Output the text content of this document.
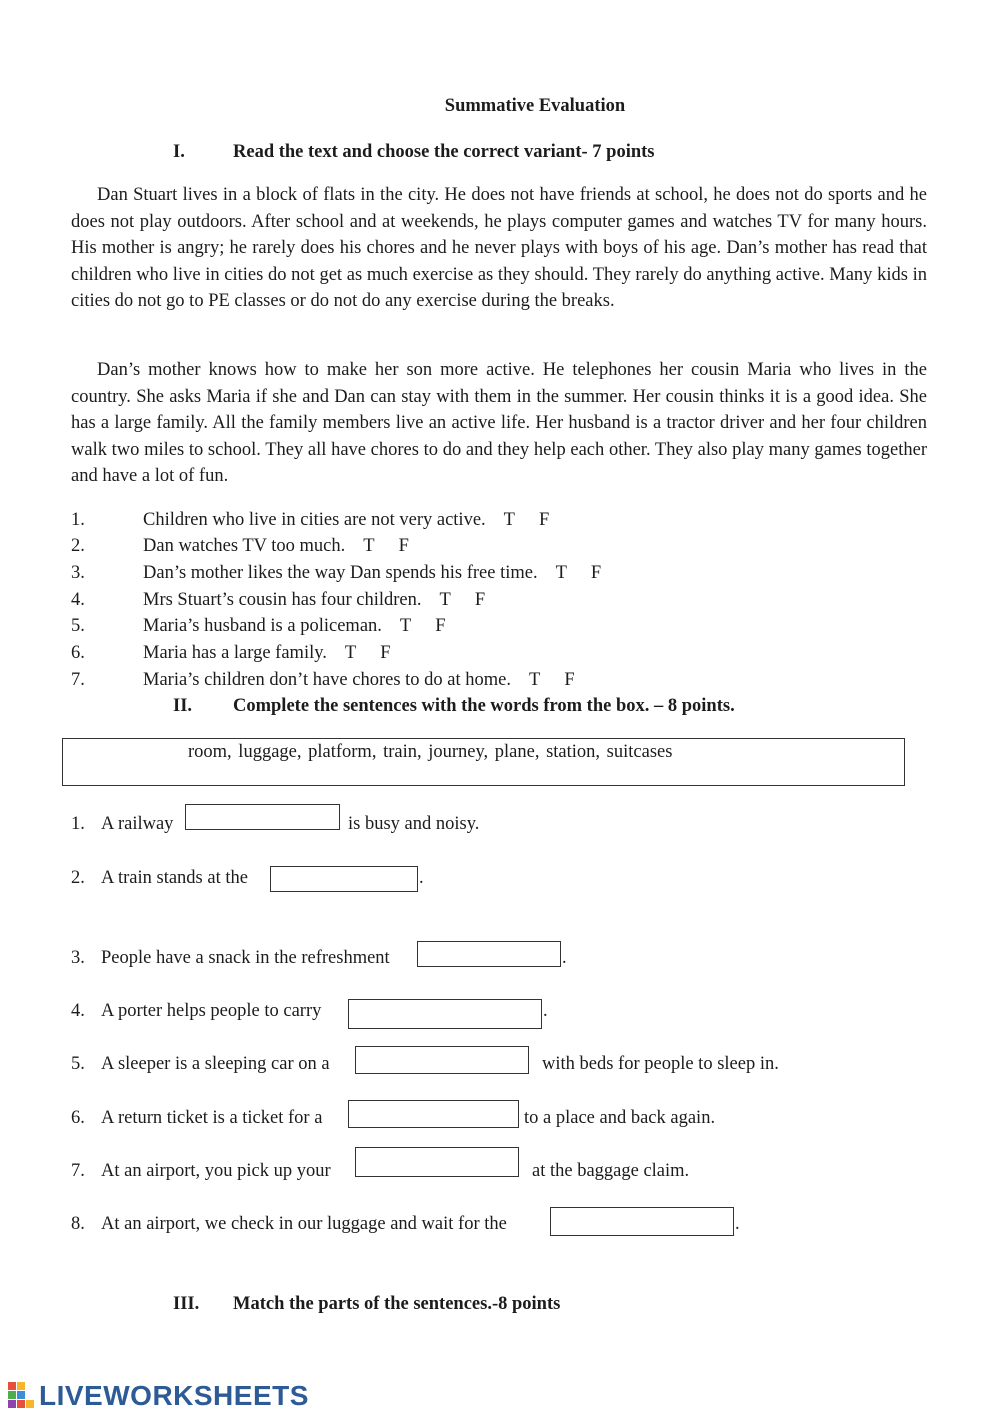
Summative Evaluation
I.	Read the text and choose the correct variant- 7 points

Dan Stuart lives in a block of flats in the city. He does not have friends at school, he does not do sports and he does not play outdoors. After school and at weekends, he plays computer games and watches TV for many hours. His mother is angry; he rarely does his chores and he never plays with boys of his age. Dan’s mother has read that children who live in cities do not get as much exercise as they should. They rarely do anything active. Many kids in cities do not go to PE classes or do not do any exercise during the breaks.

Dan’s mother knows how to make her son more active. He telephones her cousin Maria who lives in the country. She asks Maria if she and Dan can stay with them in the summer. Her cousin thinks it is a good idea. She has a large family. All the family members live an active life. Her husband is a tractor driver and her four children walk two miles to school. They all have chores to do and they help each other. They also play many games together and have a lot of fun.

1.	Children who live in cities are not very active. T F
2.	Dan watches TV too much. T F
3.	Dan’s mother likes the way Dan spends his free time. T F
4.	Mrs Stuart’s cousin has four children. T F
5.	Maria’s husband is a policeman. T F
6.	Maria has a large family. T F
7.	Maria’s children don’t have chores to do at home. T F
II. Complete the sentences with the words from the box. – 8 points.
room, luggage, platform, train, journey, plane, station, suitcases
1. A railway	is busy and noisy.
2. A train stands at the	.
3. People have a snack in the refreshment	.
4. A porter helps people to carry	.
5. A sleeper is a sleeping car on a	with beds for people to sleep in.
6. A return ticket is a ticket for a	to a place and back again.
7. At an airport, you pick up your	at the baggage claim.
8. At an airport, we check in our luggage and wait for the	.
III. Match the parts of the sentences.-8 points
LIVEWORKSHEETS
